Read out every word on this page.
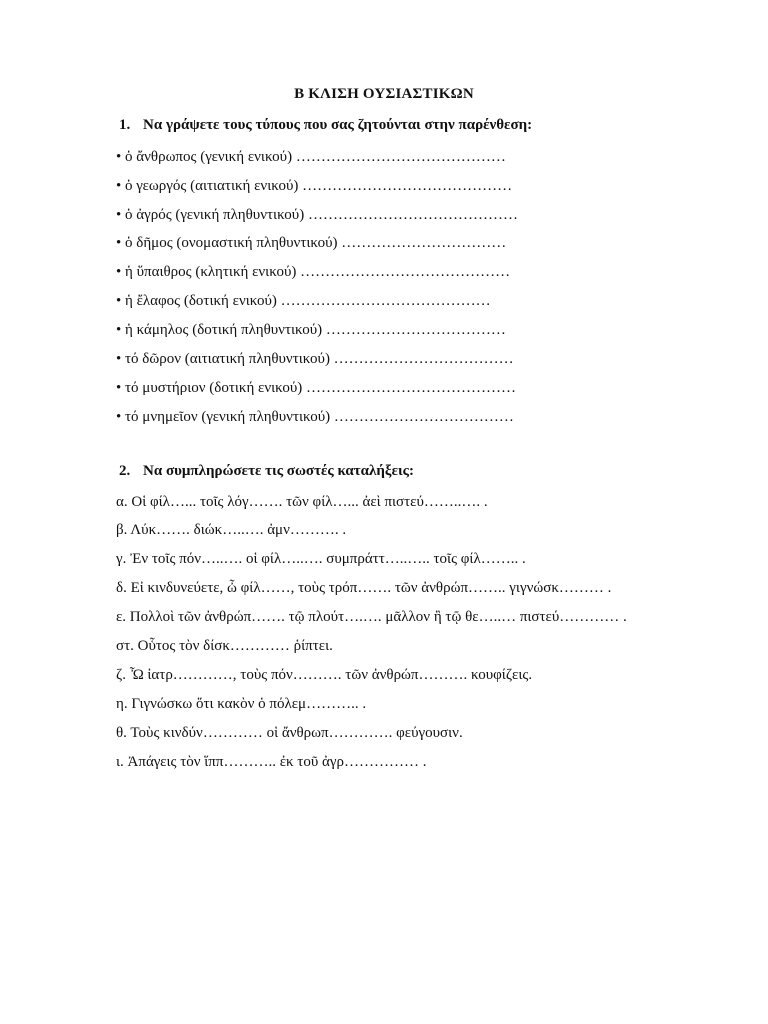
Β ΚΛΙΣΗ ΟΥΣΙΑΣΤΙΚΩΝ
1. Να γράψετε τους τύπους που σας ζητούνται στην παρένθεση:
• ὁ ἄνθρωπος (γενική ενικού) ……………………………………
• ὁ γεωργός (αιτιατική ενικού) ……………………………………
• ὁ ἀγρός (γενική πληθυντικού) ……………………………………
• ὁ δῆμος (ονομαστική πληθυντικού) ……………………………
• ἡ ὕπαιθρος (κλητική ενικού) ……………………………………
• ἡ ἔλαφος (δοτική ενικού) ……………………………………
• ἡ κάμηλος (δοτική πληθυντικού) ………………………………
• τό δῶρον (αιτιατική πληθυντικού) ………………………………
• τό μυστήριον (δοτική ενικού) ……………………………………
• τό μνημεῖον (γενική πληθυντικού) ………………………………
2. Να συμπληρώσετε τις σωστές καταλήξεις:
α. Οἱ φίλ…... τοῖς λόγ……. τῶν φίλ…... ἀεὶ πιστεύ……..…. .
β. Λύκ……. διώκ…..…. ἀμν………. .
γ. Ἐν τοῖς πόν…..…. οἱ φίλ…..…. συμπράττ…..….. τοῖς φίλ…….. .
δ. Εἰ κινδυνεύετε, ὦ φίλ……, τοὺς τρόπ……. τῶν ἀνθρώπ…….. γιγνώσκ……… .
ε. Πολλοὶ τῶν ἀνθρώπ……. τῷ πλούτ….…. μᾶλλον ἢ τῷ θε…..… πιστεύ………… .
στ. Οὗτος τὸν δίσκ………… ῥίπτει.
ζ. Ὦ ἰατρ…………, τοὺς πόν………. τῶν ἀνθρώπ………. κουφίζεις.
η. Γιγνώσκω ὅτι κακὸν ὁ πόλεμ……….. .
θ. Τοὺς κινδύν………… οἱ ἄνθρωπ…………. φεύγουσιν.
ι. Ἀπάγεις τὸν ἵππ……….. ἐκ τοῦ ἀγρ…………… .
